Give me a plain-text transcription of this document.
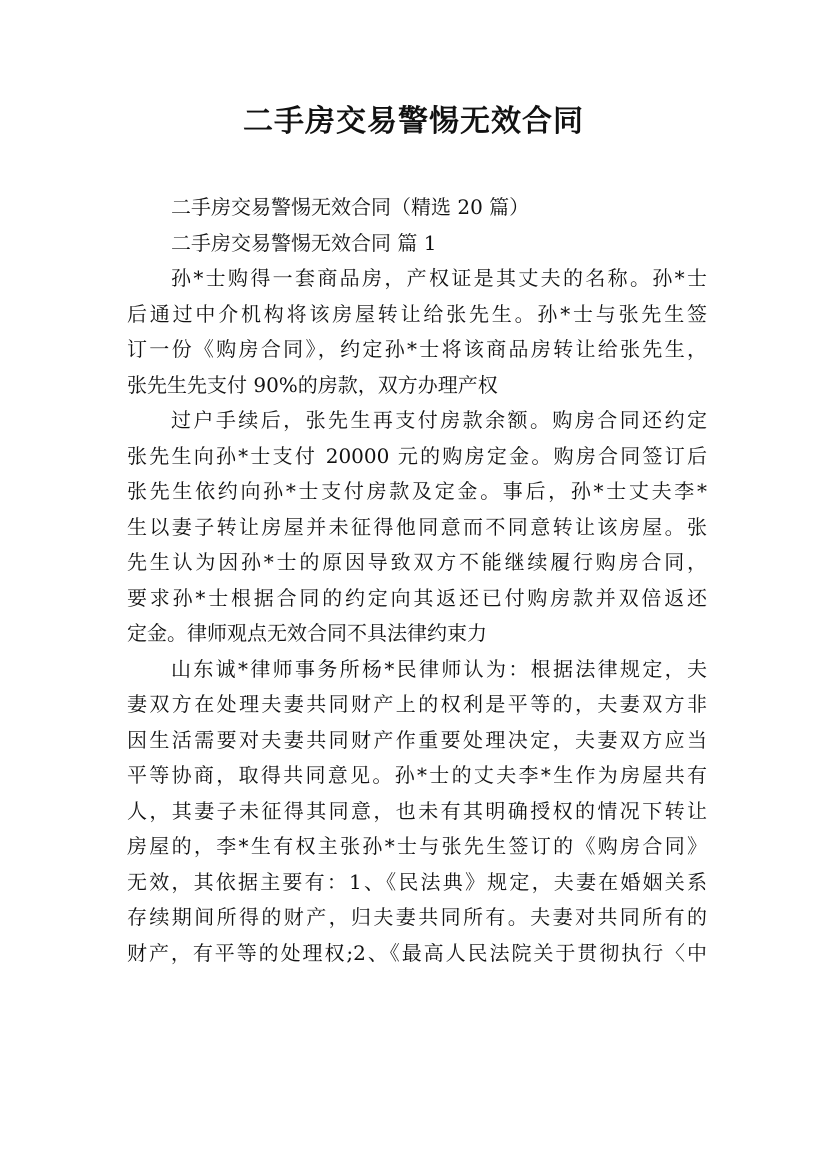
二手房交易警惕无效合同

二手房交易警惕无效合同（精选 20 篇）

二手房交易警惕无效合同 篇 1

孙*士购得一套商品房，产权证是其丈夫的名称。孙*士

后通过中介机构将该房屋转让给张先生。孙*士与张先生签

订一份《购房合同》，约定孙*士将该商品房转让给张先生，

张先生先支付 90%的房款，双方办理产权

过户手续后，张先生再支付房款余额。购房合同还约定

张先生向孙*士支付 20000 元的购房定金。购房合同签订后

张先生依约向孙*士支付房款及定金。事后，孙*士丈夫李*

生以妻子转让房屋并未征得他同意而不同意转让该房屋。张

先生认为因孙*士的原因导致双方不能继续履行购房合同，

要求孙*士根据合同的约定向其返还已付购房款并双倍返还

定金。律师观点无效合同不具法律约束力

山东诚*律师事务所杨*民律师认为：根据法律规定，夫

妻双方在处理夫妻共同财产上的权利是平等的，夫妻双方非

因生活需要对夫妻共同财产作重要处理决定，夫妻双方应当

平等协商，取得共同意见。孙*士的丈夫李*生作为房屋共有

人，其妻子未征得其同意，也未有其明确授权的情况下转让

房屋的，李*生有权主张孙*士与张先生签订的《购房合同》

无效，其依据主要有：1、《民法典》规定，夫妻在婚姻关系

存续期间所得的财产，归夫妻共同所有。夫妻对共同所有的

财产，有平等的处理权;2、《最高人民法院关于贯彻执行〈中
